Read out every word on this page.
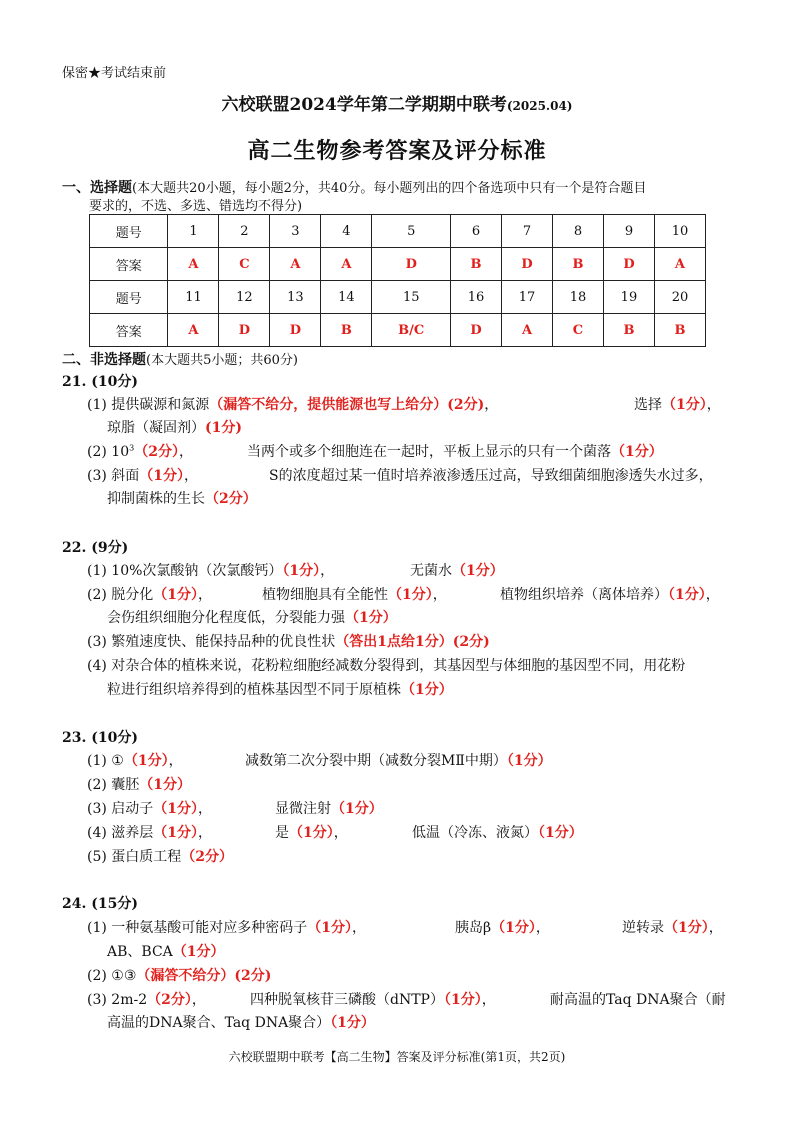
保密★考试结束前
六校联盟2024学年第二学期期中联考(2025.04)
高二生物参考答案及评分标准
一、选择题(本大题共20小题，每小题2分，共40分。每小题列出的四个备选项中只有一个是符合题目
要求的，不选、多选、错选均不得分)
题号	1	2	3	4	5	6	7	8	9	10
答案	A	C	A	A	D	B	D	B	D	A
题号	11	12	13	14	15	16	17	18	19	20
答案	A	D	D	B	B/C	D	A	C	B	B
二、非选择题(本大题共5小题；共60分)
21. (10分)
(1) 提供碳源和氮源（漏答不给分，提供能源也写上给分）(2分)，	选择（1分），
琼脂（凝固剂）(1分)
(2) $10^3(2$分），	当两个或多个细胞连在一起时，平板上显示的只有一个菌落（1分）
(3) 斜面（1分），	S的浓度超过某一值时培养液渗透压过高，导致细菌细胞渗透失水过多，
抑制菌株的生长（2分）
22. (9分)
(1) 10%次氯酸钠（次氯酸钙）（1分），	无菌水（1分）
(2) 脱分化（1分），	植物细胞具有全能性（1分），	植物组织培养（离体培养）（1分），
会伤组织细胞分化程度低，分裂能力强（1分）
(3) 繁殖速度快、能保持品种的优良性状（答出1点给1分）(2分)
(4) 对杂合体的植株来说，花粉粒细胞经减数分裂得到，其基因型与体细胞的基因型不同，用花粉
粒进行组织培养得到的植株基因型不同于原植株（1分）
23. (10分)
(1) ①（1分），	减数第二次分裂中期（减数分裂MⅡ中期）（1分）
(2) 囊胚（1分）
(3) 启动子（1分），	显微注射（1分）
(4) 滋养层（1分），	是（1分），	低温（冷冻、液氮）（1分）
(5) 蛋白质工程（2分）
24. (15分)
(1) 一种氨基酸可能对应多种密码子（1分），	胰岛β（1分），	逆转录（1分），
AB、BCA（1分）
(2) ①③（漏答不给分）(2分)
(3) 2m-2（2分），	四种脱氧核苷三磷酸（dNTP）（1分），	耐高温的Taq DNA聚合（耐
高温的DNA聚合、Taq DNA聚合）（1分）
六校联盟期中联考【高二生物】答案及评分标准(第1页，共2页)
